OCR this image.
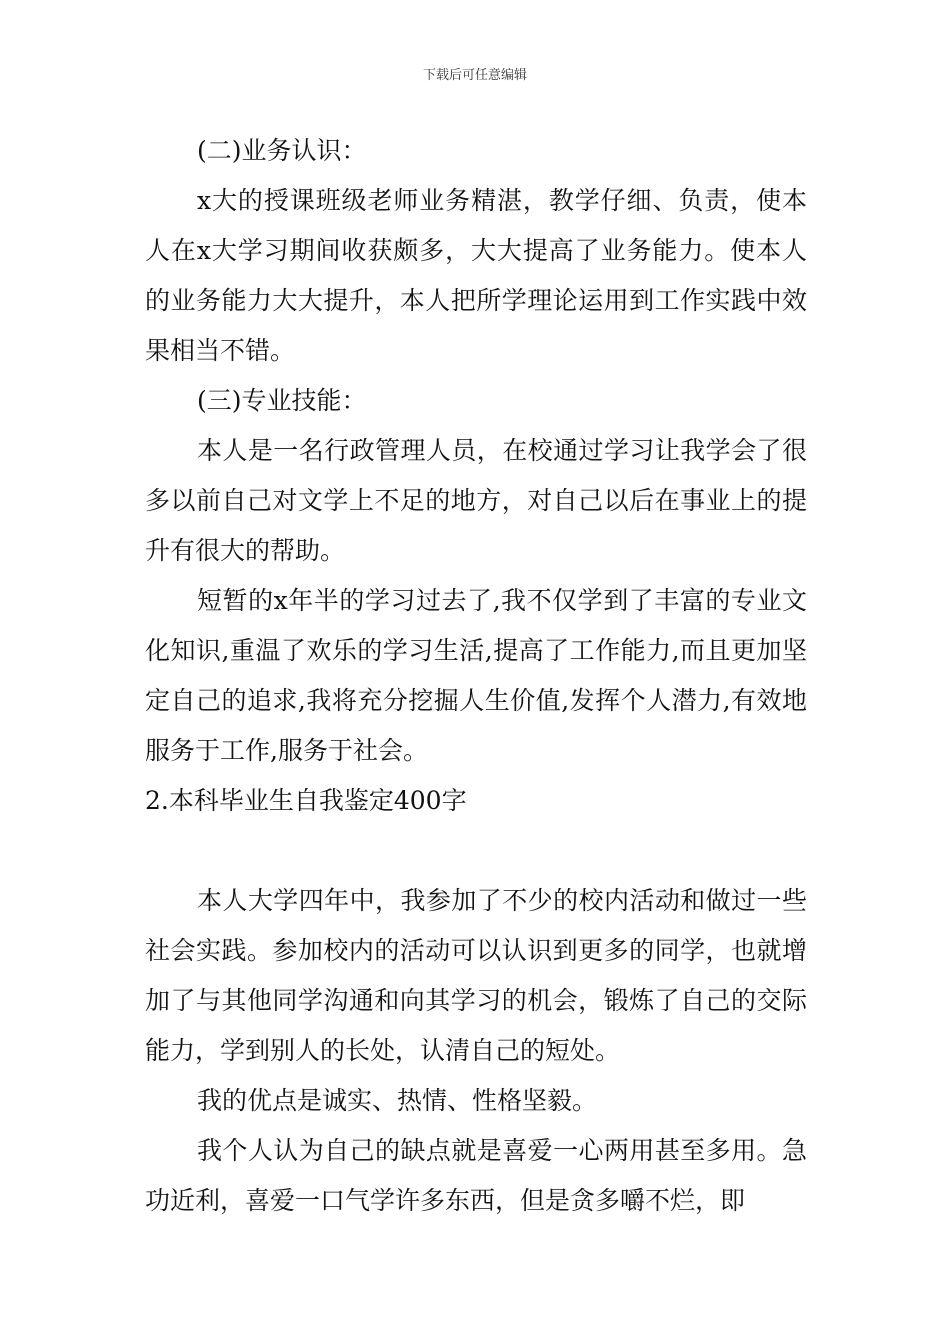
下载后可任意编辑

(二)业务认识：

x大的授课班级老师业务精湛，教学仔细、负责，使本人在x大学习期间收获颇多，大大提高了业务能力。使本人的业务能力大大提升，本人把所学理论运用到工作实践中效果相当不错。

(三)专业技能：

本人是一名行政管理人员，在校通过学习让我学会了很多以前自己对文学上不足的地方，对自己以后在事业上的提升有很大的帮助。

短暂的x年半的学习过去了,我不仅学到了丰富的专业文化知识,重温了欢乐的学习生活,提高了工作能力,而且更加坚定自己的追求,我将充分挖掘人生价值,发挥个人潜力,有效地服务于工作,服务于社会。

2.本科毕业生自我鉴定400字

本人大学四年中，我参加了不少的校内活动和做过一些社会实践。参加校内的活动可以认识到更多的同学，也就增加了与其他同学沟通和向其学习的机会，锻炼了自己的交际能力，学到别人的长处，认清自己的短处。

我的优点是诚实、热情、性格坚毅。

我个人认为自己的缺点就是喜爱一心两用甚至多用。急功近利，喜爱一口气学许多东西，但是贪多嚼不烂，即
